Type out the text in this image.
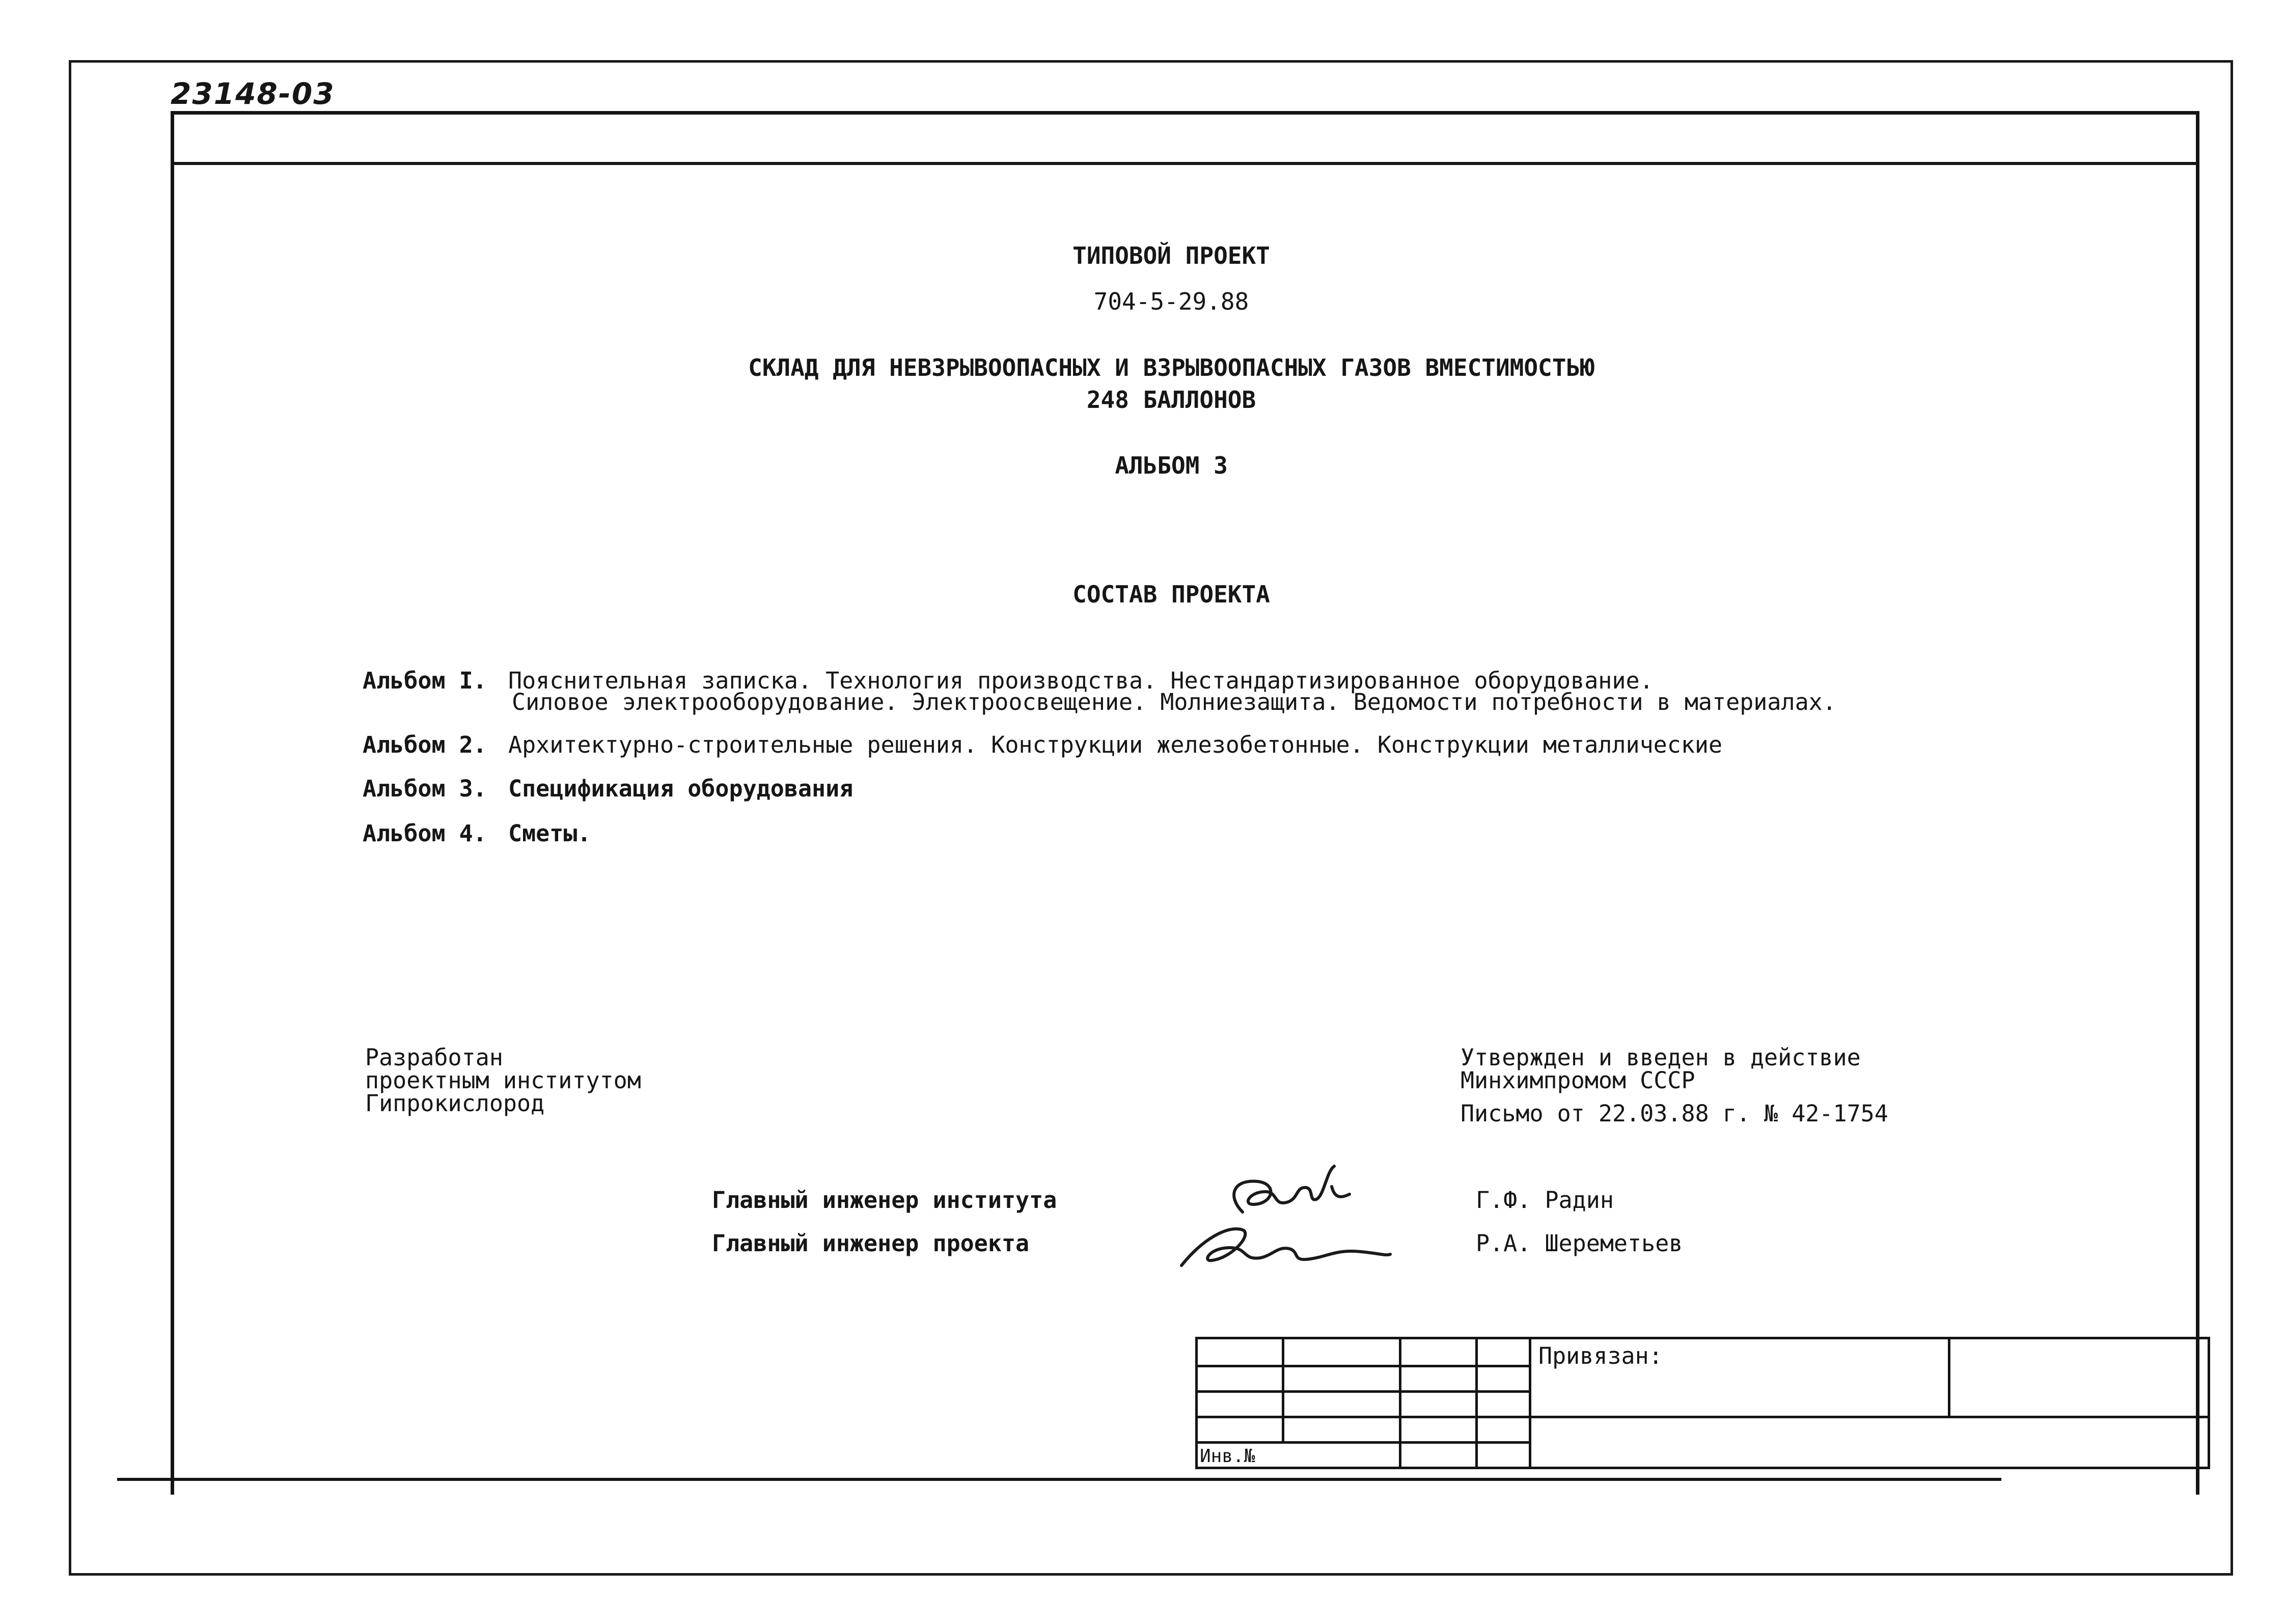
23148-03
ТИПОВОЙ ПРОЕКТ
704-5-29.88
СКЛАД ДЛЯ НЕВЗРЫВООПАСНЫХ И ВЗРЫВООПАСНЫХ ГАЗОВ ВМЕСТИМОСТЬЮ
248 БАЛЛОНОВ
АЛЬБОМ 3
СОСТАВ ПРОЕКТА
Альбом I. Пояснительная записка. Технология производства. Нестандартизированное оборудование.
Силовое электрооборудование. Электроосвещение. Молниезащита. Ведомости потребности в материалах.
Альбом 2. Архитектурно-строительные решения. Конструкции железобетонные. Конструкции металлические
Альбом 3. Спецификация оборудования
Альбом 4. Сметы.
Разработан
проектным институтом
Гипрокислород
Утвержден и введен в действие
Минхимпромом СССР
Письмо от 22.03.88 г. № 42-1754
Главный инженер института	Г.Ф. Радин
Главный инженер проекта	Р.А. Шереметьев
				Привязан:	

Инв.№					
